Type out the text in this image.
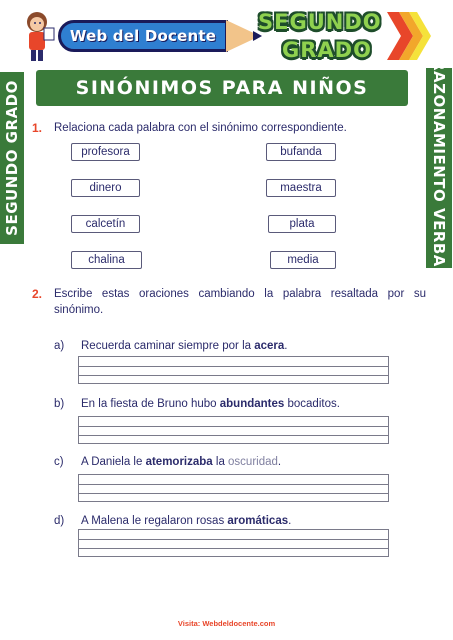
Web del Docente
SEGUNDO
GRADO
SINÓNIMOS PARA NIÑOS
SEGUNDO GRADO	RAZONAMIENTO VERBAL
1. Relaciona cada palabra con el sinónimo correspondiente.
profesora
dinero
calcetín
chalina
bufanda
maestra
plata
media
2. Escribe estas oraciones cambiando la palabra resaltada por su sinónimo.
a) Recuerda caminar siempre por la acera.
b) En la fiesta de Bruno hubo abundantes bocaditos.
c) A Daniela le atemorizaba la oscuridad.
d) A Malena le regalaron rosas aromáticas.
Visita: Webdeldocente.com
